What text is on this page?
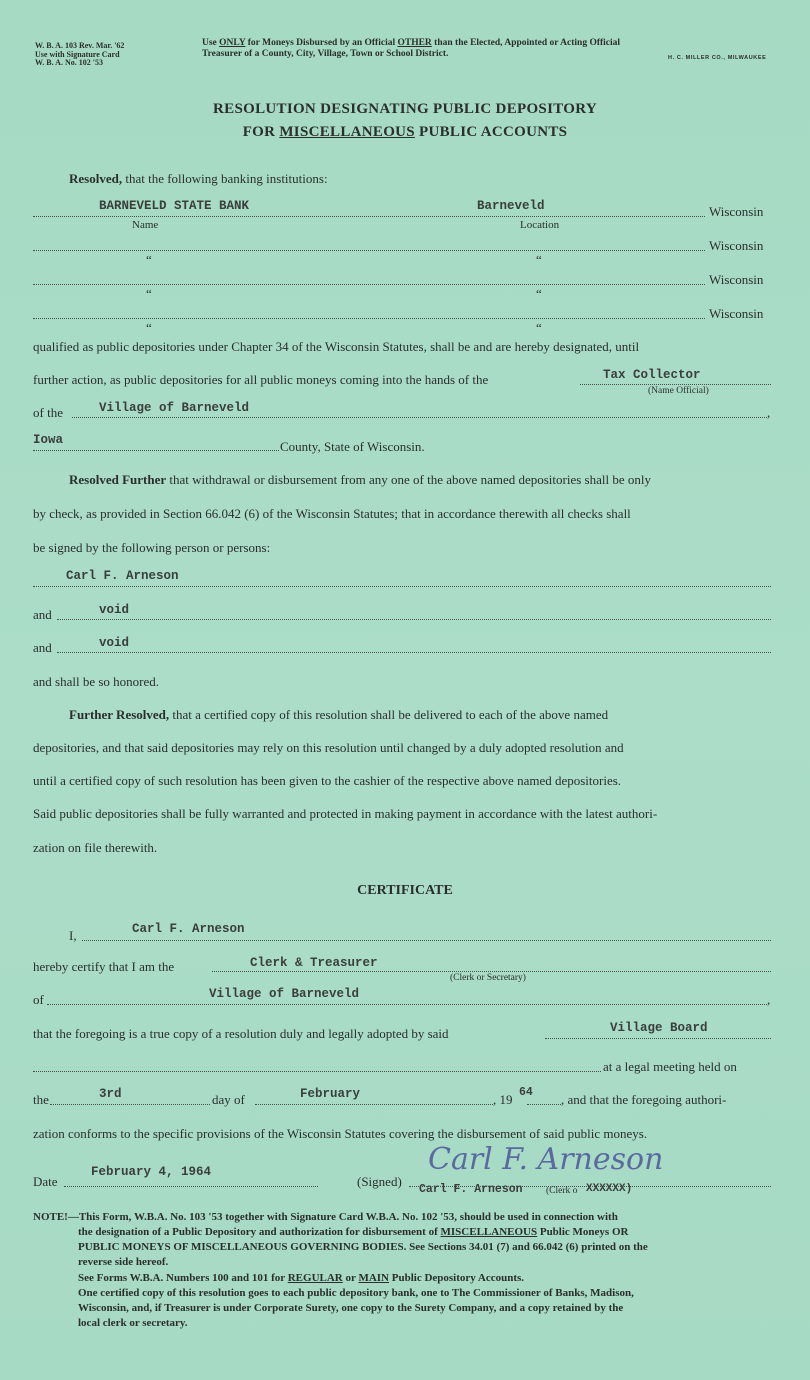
W. B. A. 103 Rev. Mar. '62
Use with Signature Card
W. B. A. No. 102 '53
Use ONLY for Moneys Disbursed by an Official OTHER than the Elected, Appointed or Acting Official
Treasurer of a County, City, Village, Town or School District.	H. C. MILLER CO., MILWAUKEE
RESOLUTION DESIGNATING PUBLIC DEPOSITORY
FOR MISCELLANEOUS PUBLIC ACCOUNTS
Resolved, that the following banking institutions:
BARNEVELD STATE BANK	Barneveld	Wisconsin
Name	Location
Wisconsin
“	“
Wisconsin
“	“
Wisconsin
“	“
qualified as public depositories under Chapter 34 of the Wisconsin Statutes, shall be and are hereby designated, until
further action, as public depositories for all public moneys coming into the hands of the	Tax Collector
(Name Official)
of the	,
Village of Barneveld
Iowa	County, State of Wisconsin.
Resolved Further that withdrawal or disbursement from any one of the above named depositories shall be only
by check, as provided in Section 66.042 (6) of the Wisconsin Statutes; that in accordance therewith all checks shall
be signed by the following person or persons:
Carl F. Arneson
and	void
and	void
and shall be so honored.
Further Resolved, that a certified copy of this resolution shall be delivered to each of the above named
depositories, and that said depositories may rely on this resolution until changed by a duly adopted resolution and
until a certified copy of such resolution has been given to the cashier of the respective above named depositories.
Said public depositories shall be fully warranted and protected in making payment in accordance with the latest authori-
zation on file therewith.
CERTIFICATE
I,	Carl F. Arneson
hereby certify that I am the	Clerk & Treasurer
(Clerk or Secretary)
of	,
Village of Barneveld
that the foregoing is a true copy of a resolution duly and legally adopted by said	Village Board
at a legal meeting held on
the	3rd	day of	February	, 19 64 , and that the foregoing authori-
zation conforms to the specific provisions of the Wisconsin Statutes covering the disbursement of said public moneys.
Date
February 4, 1964
(Signed)
Carl F. Arneson
Carl F. Arneson (Clerk o XXXXXX)
NOTE!—This Form, W.B.A. No. 103 '53 together with Signature Card W.B.A. No. 102 '53, should be used in connection with
the designation of a Public Depository and authorization for disbursement of MISCELLANEOUS Public Moneys OR
PUBLIC MONEYS OF MISCELLANEOUS GOVERNING BODIES. See Sections 34.01 (7) and 66.042 (6) printed on the
reverse side hereof.
See Forms W.B.A. Numbers 100 and 101 for REGULAR or MAIN Public Depository Accounts.
One certified copy of this resolution goes to each public depository bank, one to The Commissioner of Banks, Madison,
Wisconsin, and, if Treasurer is under Corporate Surety, one copy to the Surety Company, and a copy retained by the
local clerk or secretary.
